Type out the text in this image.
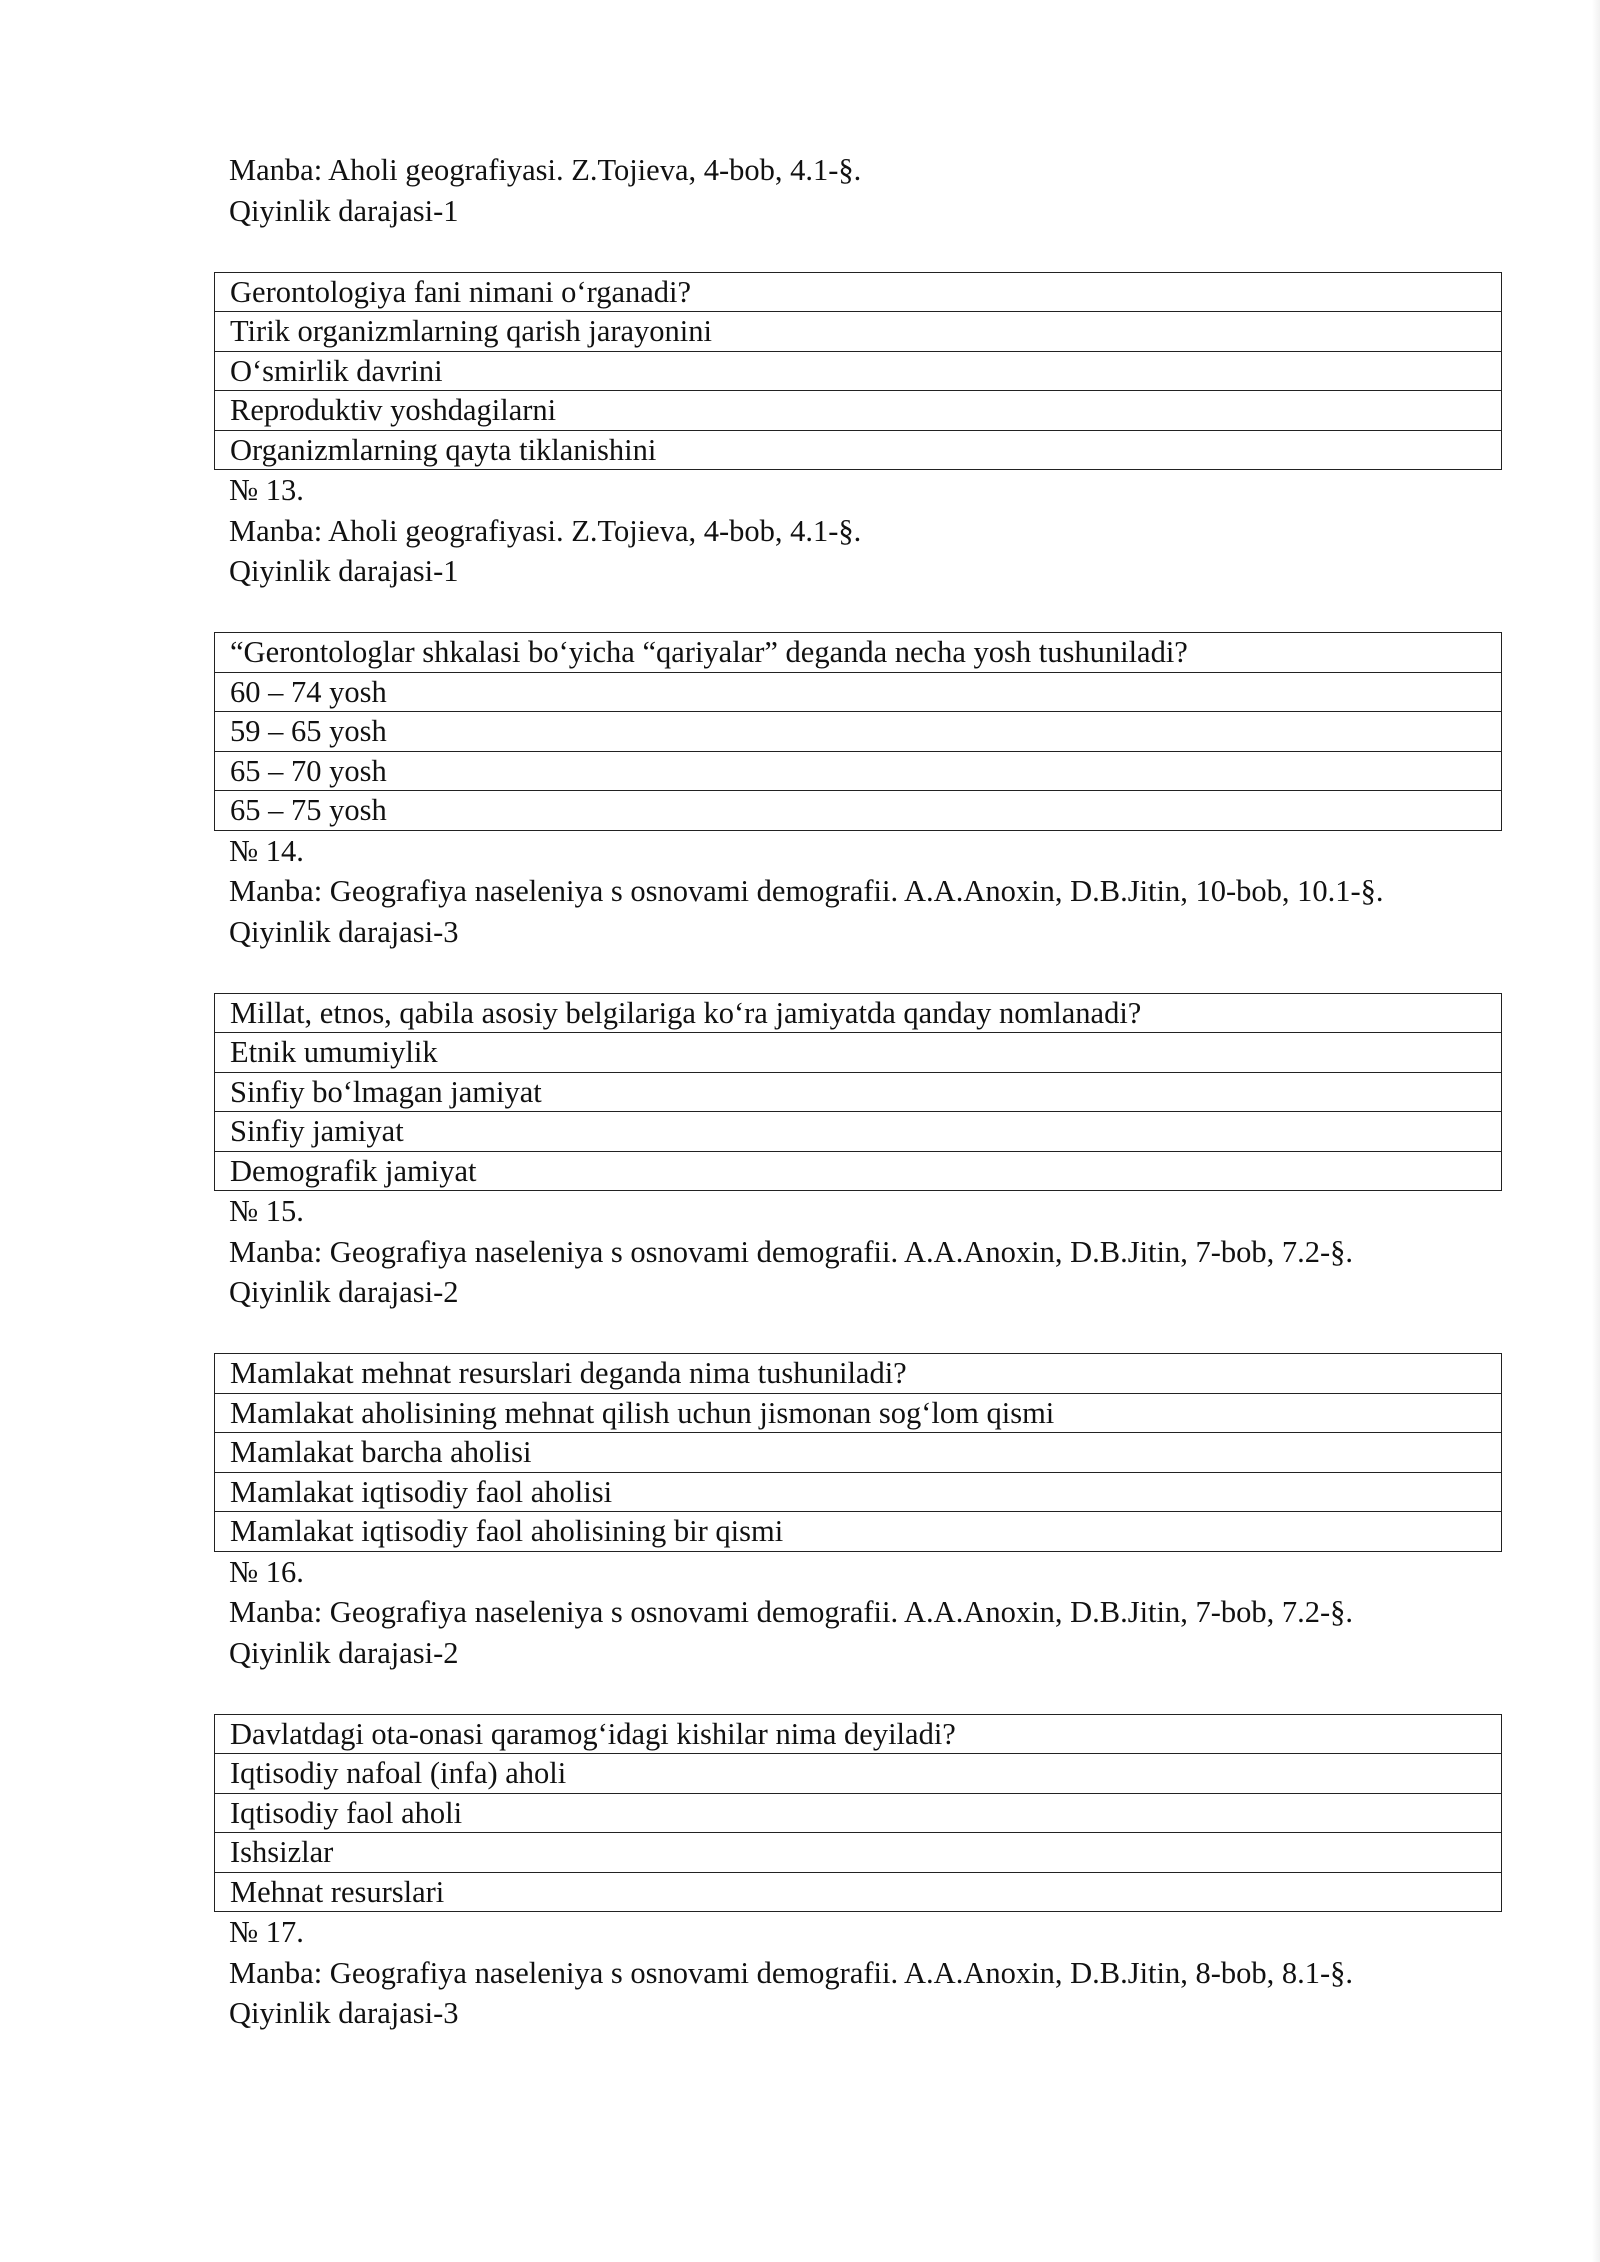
Manba: Aholi geografiyasi. Z.Tojieva, 4-bob, 4.1-§.
Qiyinlik darajasi-1
Gerontologiya fani nimani o‘rganadi?
Tirik organizmlarning qarish jarayonini
O‘smirlik davrini
Reproduktiv yoshdagilarni
Organizmlarning qayta tiklanishini
№ 13.
Manba: Aholi geografiyasi. Z.Tojieva, 4-bob, 4.1-§.
Qiyinlik darajasi-1
“Gerontologlar shkalasi bo‘yicha “qariyalar” deganda necha yosh tushuniladi?
60 – 74 yosh
59 – 65 yosh
65 – 70 yosh
65 – 75 yosh
№ 14.
Manba: Geografiya naseleniya s osnovami demografii. A.A.Anoxin, D.B.Jitin, 10-bob, 10.1-§.
Qiyinlik darajasi-3
Millat, etnos, qabila asosiy belgilariga ko‘ra jamiyatda qanday nomlanadi?
Etnik umumiylik
Sinfiy bo‘lmagan jamiyat
Sinfiy jamiyat
Demografik jamiyat
№ 15.
Manba: Geografiya naseleniya s osnovami demografii. A.A.Anoxin, D.B.Jitin, 7-bob, 7.2-§.
Qiyinlik darajasi-2
Mamlakat mehnat resurslari deganda nima tushuniladi?
Mamlakat aholisining mehnat qilish uchun jismonan sog‘lom qismi
Mamlakat barcha aholisi
Mamlakat iqtisodiy faol aholisi
Mamlakat iqtisodiy faol aholisining bir qismi
№ 16.
Manba: Geografiya naseleniya s osnovami demografii. A.A.Anoxin, D.B.Jitin, 7-bob, 7.2-§.
Qiyinlik darajasi-2
Davlatdagi ota-onasi qaramog‘idagi kishilar nima deyiladi?
Iqtisodiy nafoal (infa) aholi
Iqtisodiy faol aholi
Ishsizlar
Mehnat resurslari
№ 17.
Manba: Geografiya naseleniya s osnovami demografii. A.A.Anoxin, D.B.Jitin, 8-bob, 8.1-§.
Qiyinlik darajasi-3
